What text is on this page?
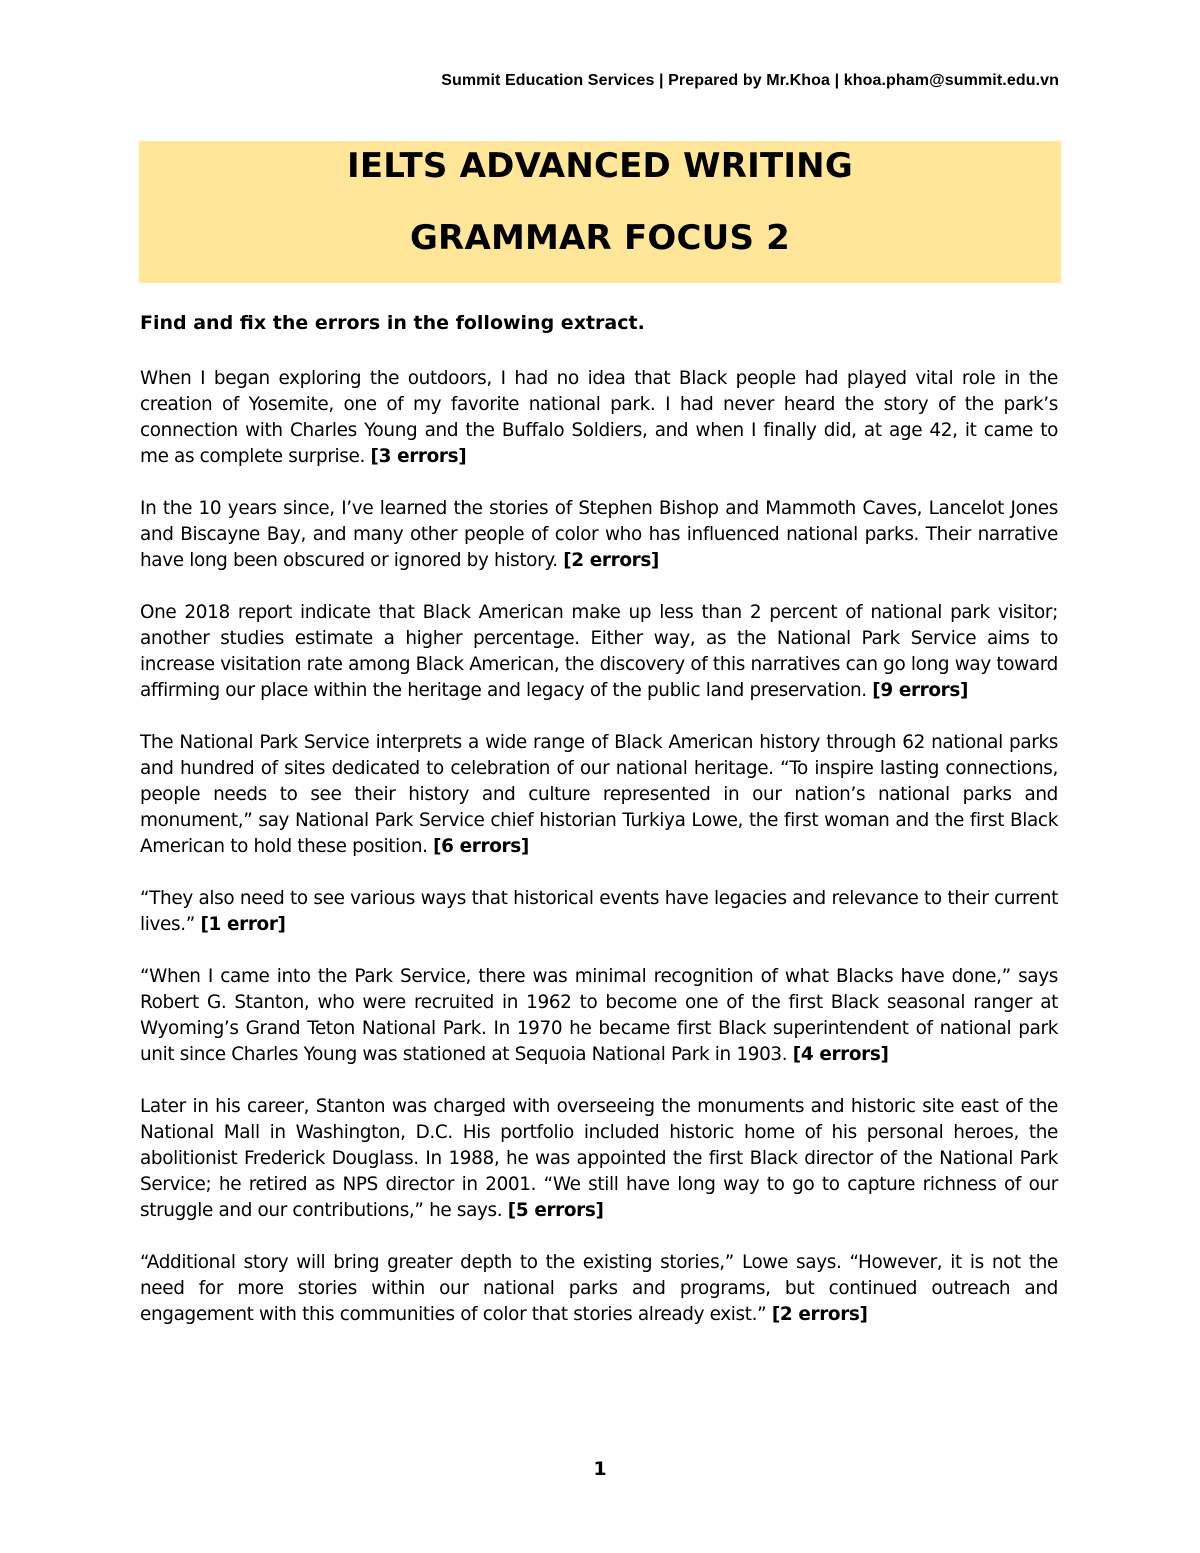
Summit Education Services | Prepared by Mr.Khoa | khoa.pham@summit.edu.vn
IELTS ADVANCED WRITING
GRAMMAR FOCUS 2
Find and fix the errors in the following extract.

When I began exploring the outdoors, I had no idea that Black people had played vital role in the creation of Yosemite, one of my favorite national park. I had never heard the story of the park’s connection with Charles Young and the Buffalo Soldiers, and when I finally did, at age 42, it came to me as complete surprise. [3 errors]

In the 10 years since, I’ve learned the stories of Stephen Bishop and Mammoth Caves, Lancelot Jones and Biscayne Bay, and many other people of color who has influenced national parks. Their narrative have long been obscured or ignored by history. [2 errors]

One 2018 report indicate that Black American make up less than 2 percent of national park visitor; another studies estimate a higher percentage. Either way, as the National Park Service aims to increase visitation rate among Black American, the discovery of this narratives can go long way toward affirming our place within the heritage and legacy of the public land preservation. [9 errors]

The National Park Service interprets a wide range of Black American history through 62 national parks and hundred of sites dedicated to celebration of our national heritage. “To inspire lasting connections, people needs to see their history and culture represented in our nation’s national parks and monument,” say National Park Service chief historian Turkiya Lowe, the first woman and the first Black American to hold these position. [6 errors]

“They also need to see various ways that historical events have legacies and relevance to their current lives.” [1 error]

“When I came into the Park Service, there was minimal recognition of what Blacks have done,” says Robert G. Stanton, who were recruited in 1962 to become one of the first Black seasonal ranger at Wyoming’s Grand Teton National Park. In 1970 he became first Black superintendent of national park unit since Charles Young was stationed at Sequoia National Park in 1903. [4 errors]

Later in his career, Stanton was charged with overseeing the monuments and historic site east of the National Mall in Washington, D.C. His portfolio included historic home of his personal heroes, the abolitionist Frederick Douglass. In 1988, he was appointed the first Black director of the National Park Service; he retired as NPS director in 2001. “We still have long way to go to capture richness of our struggle and our contributions,” he says. [5 errors]

“Additional story will bring greater depth to the existing stories,” Lowe says. “However, it is not the need for more stories within our national parks and programs, but continued outreach and engagement with this communities of color that stories already exist.” [2 errors]

1
